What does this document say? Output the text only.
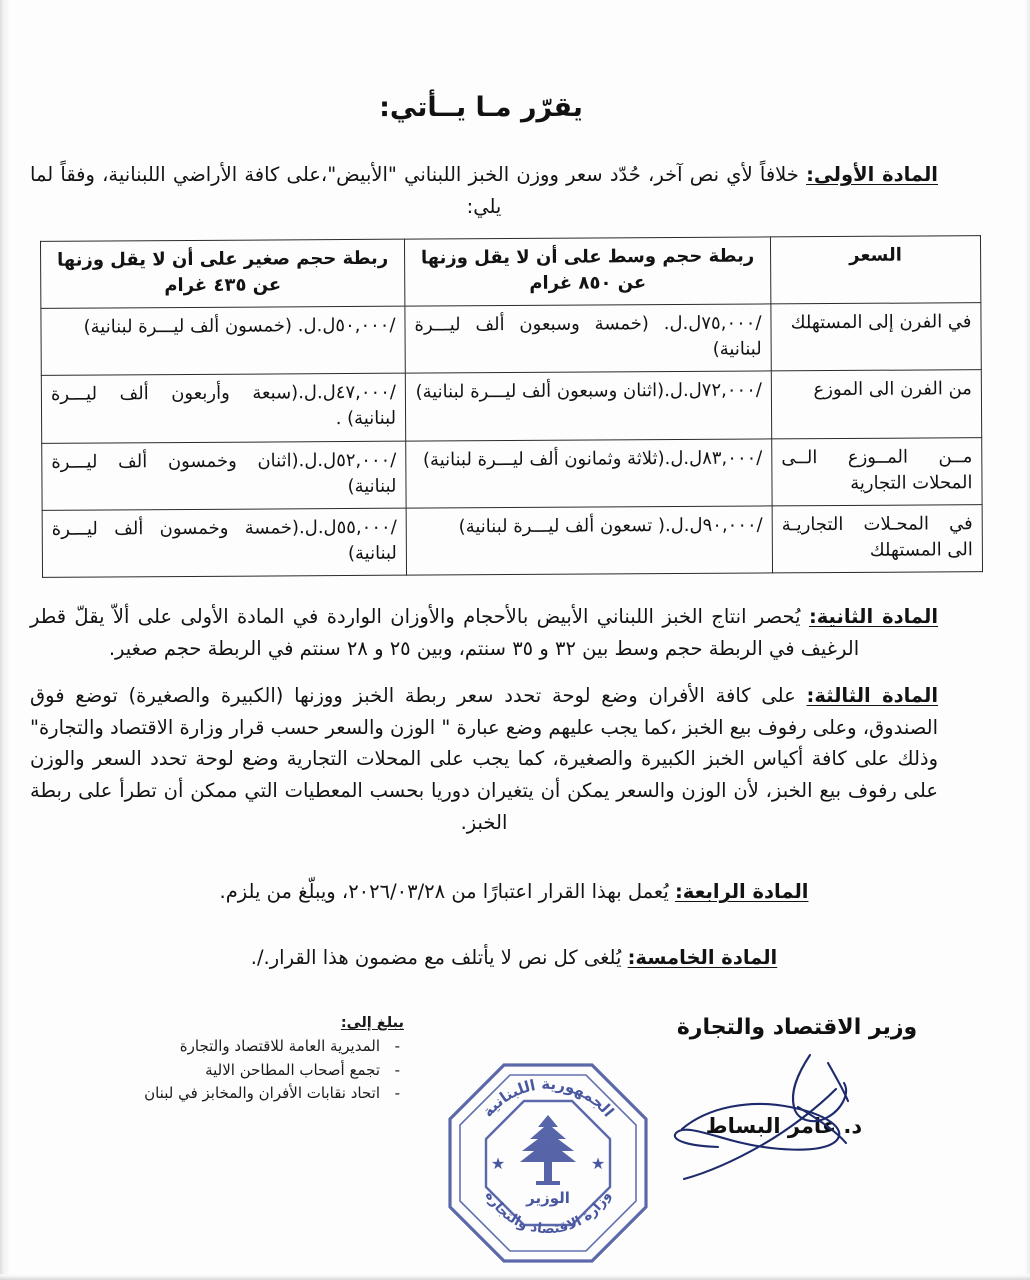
يقرّر مـا يــأتي:

المادة الأولى: خلافاً لأي نص آخر، حُدّد سعر ووزن الخبز اللبناني "الأبيض"،على كافة الأراضي اللبنانية، وفقاً لما يلي:

السعر	ربطة حجم وسط على أن لا يقل وزنها عن ٨٥٠ غرام	ربطة حجم صغير على أن لا يقل وزنها عن ٤٣٥ غرام
في الفرن إلى المستهلك	/٧٥,٠٠٠ل.ل. (خمسة وسبعون ألف ليـــرة لبنانية)	/٥٠,٠٠٠ل.ل. (خمسون ألف ليـــرة لبنانية)
من الفرن الى الموزع	/٧٢,٠٠٠ل.ل.(اثنان وسبعون ألف ليـــرة لبنانية)	/٤٧,٠٠٠ل.ل.(سبعة وأربعون ألف ليـــرة لبنانية) .
مــن المــوزع الــى المحلات التجارية	/٨٣,٠٠٠ل.ل.(ثلاثة وثمانون ألف ليـــرة لبنانية)	/٥٢,٠٠٠ل.ل.(اثنان وخمسون ألف ليـــرة لبنانية)
في المحـلات التجاريـة الى المستهلك	/٩٠,٠٠٠ل.ل.( تسعون ألف ليـــرة لبنانية)	/٥٥,٠٠٠ل.ل.(خمسة وخمسون ألف ليـــرة لبنانية)

المادة الثانية: يُحصر انتاج الخبز اللبناني الأبيض بالأحجام والأوزان الواردة في المادة الأولى على ألاّ يقلّ قطر الرغيف في الربطة حجم وسط بين ٣٢ و ٣٥ سنتم، وبين ٢٥ و ٢٨ سنتم في الربطة حجم صغير.

المادة الثالثة: على كافة الأفران وضع لوحة تحدد سعر ربطة الخبز ووزنها (الكبيرة والصغيرة) توضع فوق الصندوق، وعلى رفوف بيع الخبز ،كما يجب عليهم وضع عبارة " الوزن والسعر حسب قرار وزارة الاقتصاد والتجارة" وذلك على كافة أكياس الخبز الكبيرة والصغيرة، كما يجب على المحلات التجارية وضع لوحة تحدد السعر والوزن على رفوف بيع الخبز، لأن الوزن والسعر يمكن أن يتغيران دوريا بحسب المعطيات التي ممكن أن تطرأ على ربطة الخبز.

المادة الرابعة: يُعمل بهذا القرار اعتبارًا من ٢٠٢٦/٠٣/٢٨، ويبلّغ من يلزم.

المادة الخامسة: يُلغى كل نص لا يأتلف مع مضمون هذا القرار./.

يبلغ إلى:
- المديرية العامة للاقتصاد والتجارة
- تجمع أصحاب المطاحن الالية
- اتحاد نقابات الأفران والمخابز في لبنان
وزير الاقتصاد والتجارة
د. عامر البساط
الجمهورية اللبنانية
وزارة الاقتصاد والتجارة
★	★
الوزير
